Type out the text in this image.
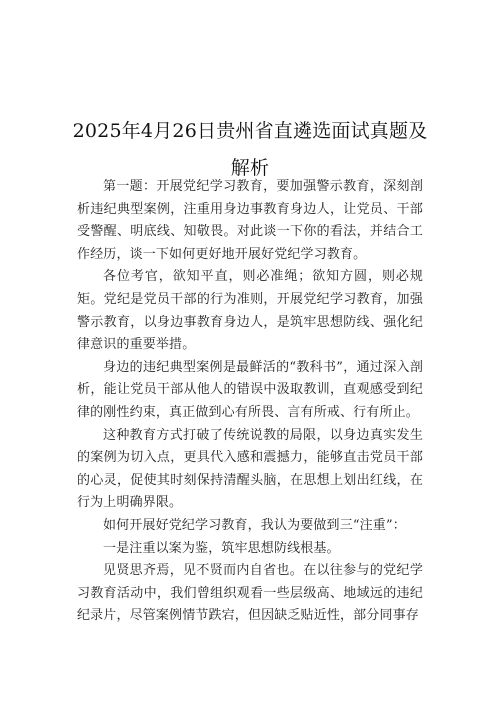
2025年4月26日贵州省直遴选面试真题及
解析

第一题：开展党纪学习教育，要加强警示教育，深刻剖析违纪典型案例，注重用身边事教育身边人，让党员、干部受警醒、明底线、知敬畏。对此谈一下你的看法，并结合工作经历，谈一下如何更好地开展好党纪学习教育。

各位考官，欲知平直，则必准绳；欲知方圆，则必规矩。党纪是党员干部的行为准则，开展党纪学习教育，加强警示教育，以身边事教育身边人，是筑牢思想防线、强化纪律意识的重要举措。

身边的违纪典型案例是最鲜活的“教科书”，通过深入剖析，能让党员干部从他人的错误中汲取教训，直观感受到纪律的刚性约束，真正做到心有所畏、言有所戒、行有所止。

这种教育方式打破了传统说教的局限，以身边真实发生的案例为切入点，更具代入感和震撼力，能够直击党员干部的心灵，促使其时刻保持清醒头脑，在思想上划出红线，在行为上明确界限。

如何开展好党纪学习教育，我认为要做到三“注重”：

一是注重以案为鉴，筑牢思想防线根基。

见贤思齐焉，见不贤而内自省也。在以往参与的党纪学习教育活动中，我们曾组织观看一些层级高、地域远的违纪纪录片，尽管案例情节跌宕，但因缺乏贴近性，部分同事存
